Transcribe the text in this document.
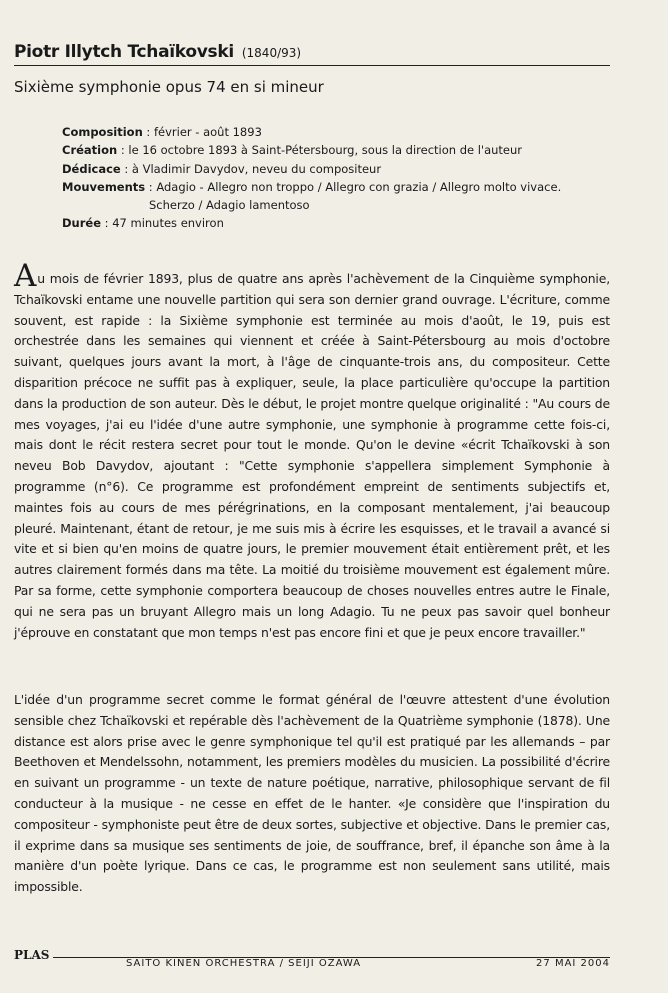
Piotr Illytch Tchaïkovski (1840/93)
Sixième symphonie opus 74 en si mineur
Composition : février - août 1893
Création : le 16 octobre 1893 à Saint-Pétersbourg, sous la direction de l'auteur
Dédicace : à Vladimir Davydov, neveu du compositeur
Mouvements : Adagio - Allegro non troppo / Allegro con grazia / Allegro molto vivace.
Scherzo / Adagio lamentoso
Durée : 47 minutes environ
Au mois de février 1893, plus de quatre ans après l'achèvement de la Cinquième symphonie, Tchaïkovski entame une nouvelle partition qui sera son dernier grand ouvrage. L'écriture, comme souvent, est rapide : la Sixième symphonie est terminée au mois d'août, le 19, puis est orchestrée dans les semaines qui viennent et créée à Saint-Pétersbourg au mois d'octobre suivant, quelques jours avant la mort, à l'âge de cinquante-trois ans, du compositeur. Cette disparition précoce ne suffit pas à expliquer, seule, la place particulière qu'occupe la partition dans la production de son auteur. Dès le début, le projet montre quelque originalité : "Au cours de mes voyages, j'ai eu l'idée d'une autre symphonie, une symphonie à programme cette fois-ci, mais dont le récit restera secret pour tout le monde. Qu'on le devine «écrit Tchaïkovski à son neveu Bob Davydov, ajoutant : "Cette symphonie s'appellera simplement Symphonie à programme (n°6). Ce programme est profondément empreint de sentiments subjectifs et, maintes fois au cours de mes pérégrinations, en la composant mentalement, j'ai beaucoup pleuré. Maintenant, étant de retour, je me suis mis à écrire les esquisses, et le travail a avancé si vite et si bien qu'en moins de quatre jours, le premier mouvement était entièrement prêt, et les autres clairement formés dans ma tête. La moitié du troisième mouvement est également mûre. Par sa forme, cette symphonie comportera beaucoup de choses nouvelles entres autre le Finale, qui ne sera pas un bruyant Allegro mais un long Adagio. Tu ne peux pas savoir quel bonheur j'éprouve en constatant que mon temps n'est pas encore fini et que je peux encore travailler."
L'idée d'un programme secret comme le format général de l'œuvre attestent d'une évolution sensible chez Tchaïkovski et repérable dès l'achèvement de la Quatrième symphonie (1878). Une distance est alors prise avec le genre symphonique tel qu'il est pratiqué par les allemands – par Beethoven et Mendelssohn, notamment, les premiers modèles du musicien. La possibilité d'écrire en suivant un programme - un texte de nature poétique, narrative, philosophique servant de fil conducteur à la musique - ne cesse en effet de le hanter. «Je considère que l'inspiration du compositeur - symphoniste peut être de deux sortes, subjective et objective. Dans le premier cas, il exprime dans sa musique ses sentiments de joie, de souffrance, bref, il épanche son âme à la manière d'un poète lyrique. Dans ce cas, le programme est non seulement sans utilité, mais impossible.
PLAS
SAITO KINEN ORCHESTRA / SEIJI OZAWA	27 MAI 2004
